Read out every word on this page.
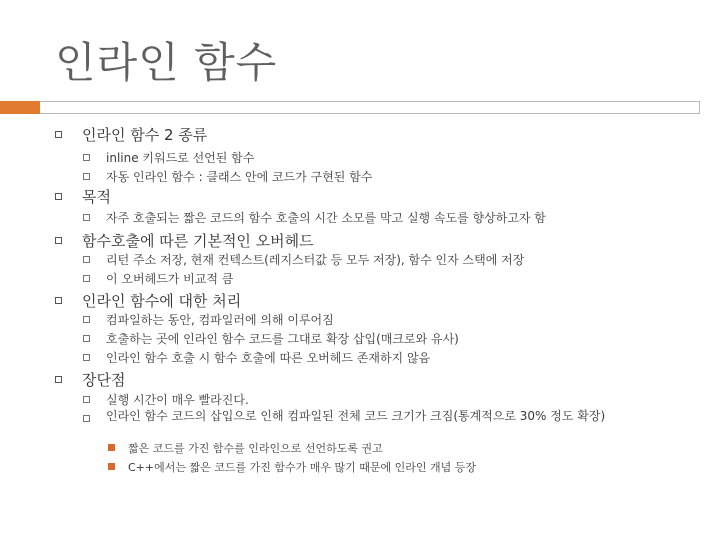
인라인 함수
인라인 함수 2 종류
inline 키워드로 선언된 함수
자동 인라인 함수 : 클래스 안에 코드가 구현된 함수
목적
자주 호출되는 짧은 코드의 함수 호출의 시간 소모를 막고 실행 속도를 향상하고자 함
함수호출에 따른 기본적인 오버헤드
리턴 주소 저장, 현재 컨텍스트(레지스터값 등 모두 저장), 함수 인자 스택에 저장
이 오버헤드가 비교적 큼
인라인 함수에 대한 처리
컴파일하는 동안, 컴파일러에 의해 이루어짐
호출하는 곳에 인라인 함수 코드를 그대로 확장 삽입(매크로와 유사)
인라인 함수 호출 시 함수 호출에 따른 오버헤드 존재하지 않음
장단점
실행 시간이 매우 빨라진다.
인라인 함수 코드의 삽입으로 인해 컴파일된 전체 코드 크기가 크짐(통계적으로 30% 정도 확장)
짧은 코드를 가진 함수를 인라인으로 선언하도록 권고
C++에서는 짧은 코드를 가진 함수가 매우 많기 때문에 인라인 개념 등장
